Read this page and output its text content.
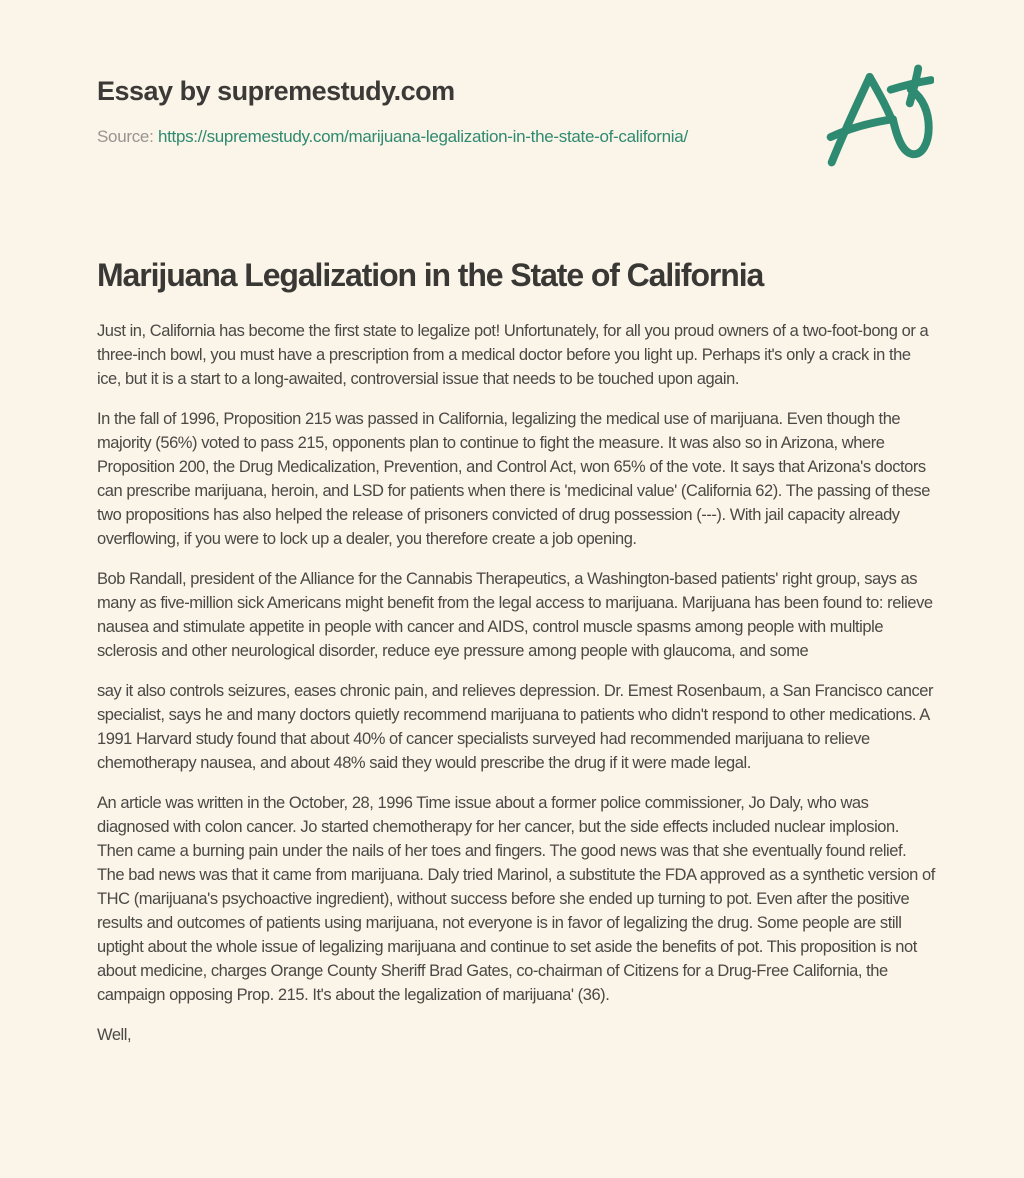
Essay by supremestudy.com
Source: https://supremestudy.com/marijuana-legalization-in-the-state-of-california/
Marijuana Legalization in the State of California

Just in, California has become the first state to legalize pot! Unfortunately, for all you proud owners of a two-foot-bong or a three-inch bowl, you must have a prescription from a medical doctor before you light up. Perhaps it's only a crack in the ice, but it is a start to a long-awaited, controversial issue that needs to be touched upon again.

In the fall of 1996, Proposition 215 was passed in California, legalizing the medical use of marijuana. Even though the majority (56%) voted to pass 215, opponents plan to continue to fight the measure. It was also so in Arizona, where Proposition 200, the Drug Medicalization, Prevention, and Control Act, won 65% of the vote. It says that Arizona's doctors can prescribe marijuana, heroin, and LSD for patients when there is 'medicinal value' (California 62). The passing of these two propositions has also helped the release of prisoners convicted of drug possession (---). With jail capacity already overflowing, if you were to lock up a dealer, you therefore create a job opening.

Bob Randall, president of the Alliance for the Cannabis Therapeutics, a Washington-based patients' right group, says as many as five-million sick Americans might benefit from the legal access to marijuana. Marijuana has been found to: relieve nausea and stimulate appetite in people with cancer and AIDS, control muscle spasms among people with multiple sclerosis and other neurological disorder, reduce eye pressure among people with glaucoma, and some

say it also controls seizures, eases chronic pain, and relieves depression. Dr. Emest Rosenbaum, a San Francisco cancer specialist, says he and many doctors quietly recommend marijuana to patients who didn't respond to other medications. A 1991 Harvard study found that about 40% of cancer specialists surveyed had recommended marijuana to relieve chemotherapy nausea, and about 48% said they would prescribe the drug if it were made legal.

An article was written in the October, 28, 1996 Time issue about a former police commissioner, Jo Daly, who was diagnosed with colon cancer. Jo started chemotherapy for her cancer, but the side effects included nuclear implosion. Then came a burning pain under the nails of her toes and fingers. The good news was that she eventually found relief. The bad news was that it came from marijuana. Daly tried Marinol, a substitute the FDA approved as a synthetic version of THC (marijuana's psychoactive ingredient), without success before she ended up turning to pot. Even after the positive results and outcomes of patients using marijuana, not everyone is in favor of legalizing the drug. Some people are still uptight about the whole issue of legalizing marijuana and continue to set aside the benefits of pot. This proposition is not about medicine, charges Orange County Sheriff Brad Gates, co-chairman of Citizens for a Drug-Free California, the campaign opposing Prop. 215. It's about the legalization of marijuana' (36).

Well,
